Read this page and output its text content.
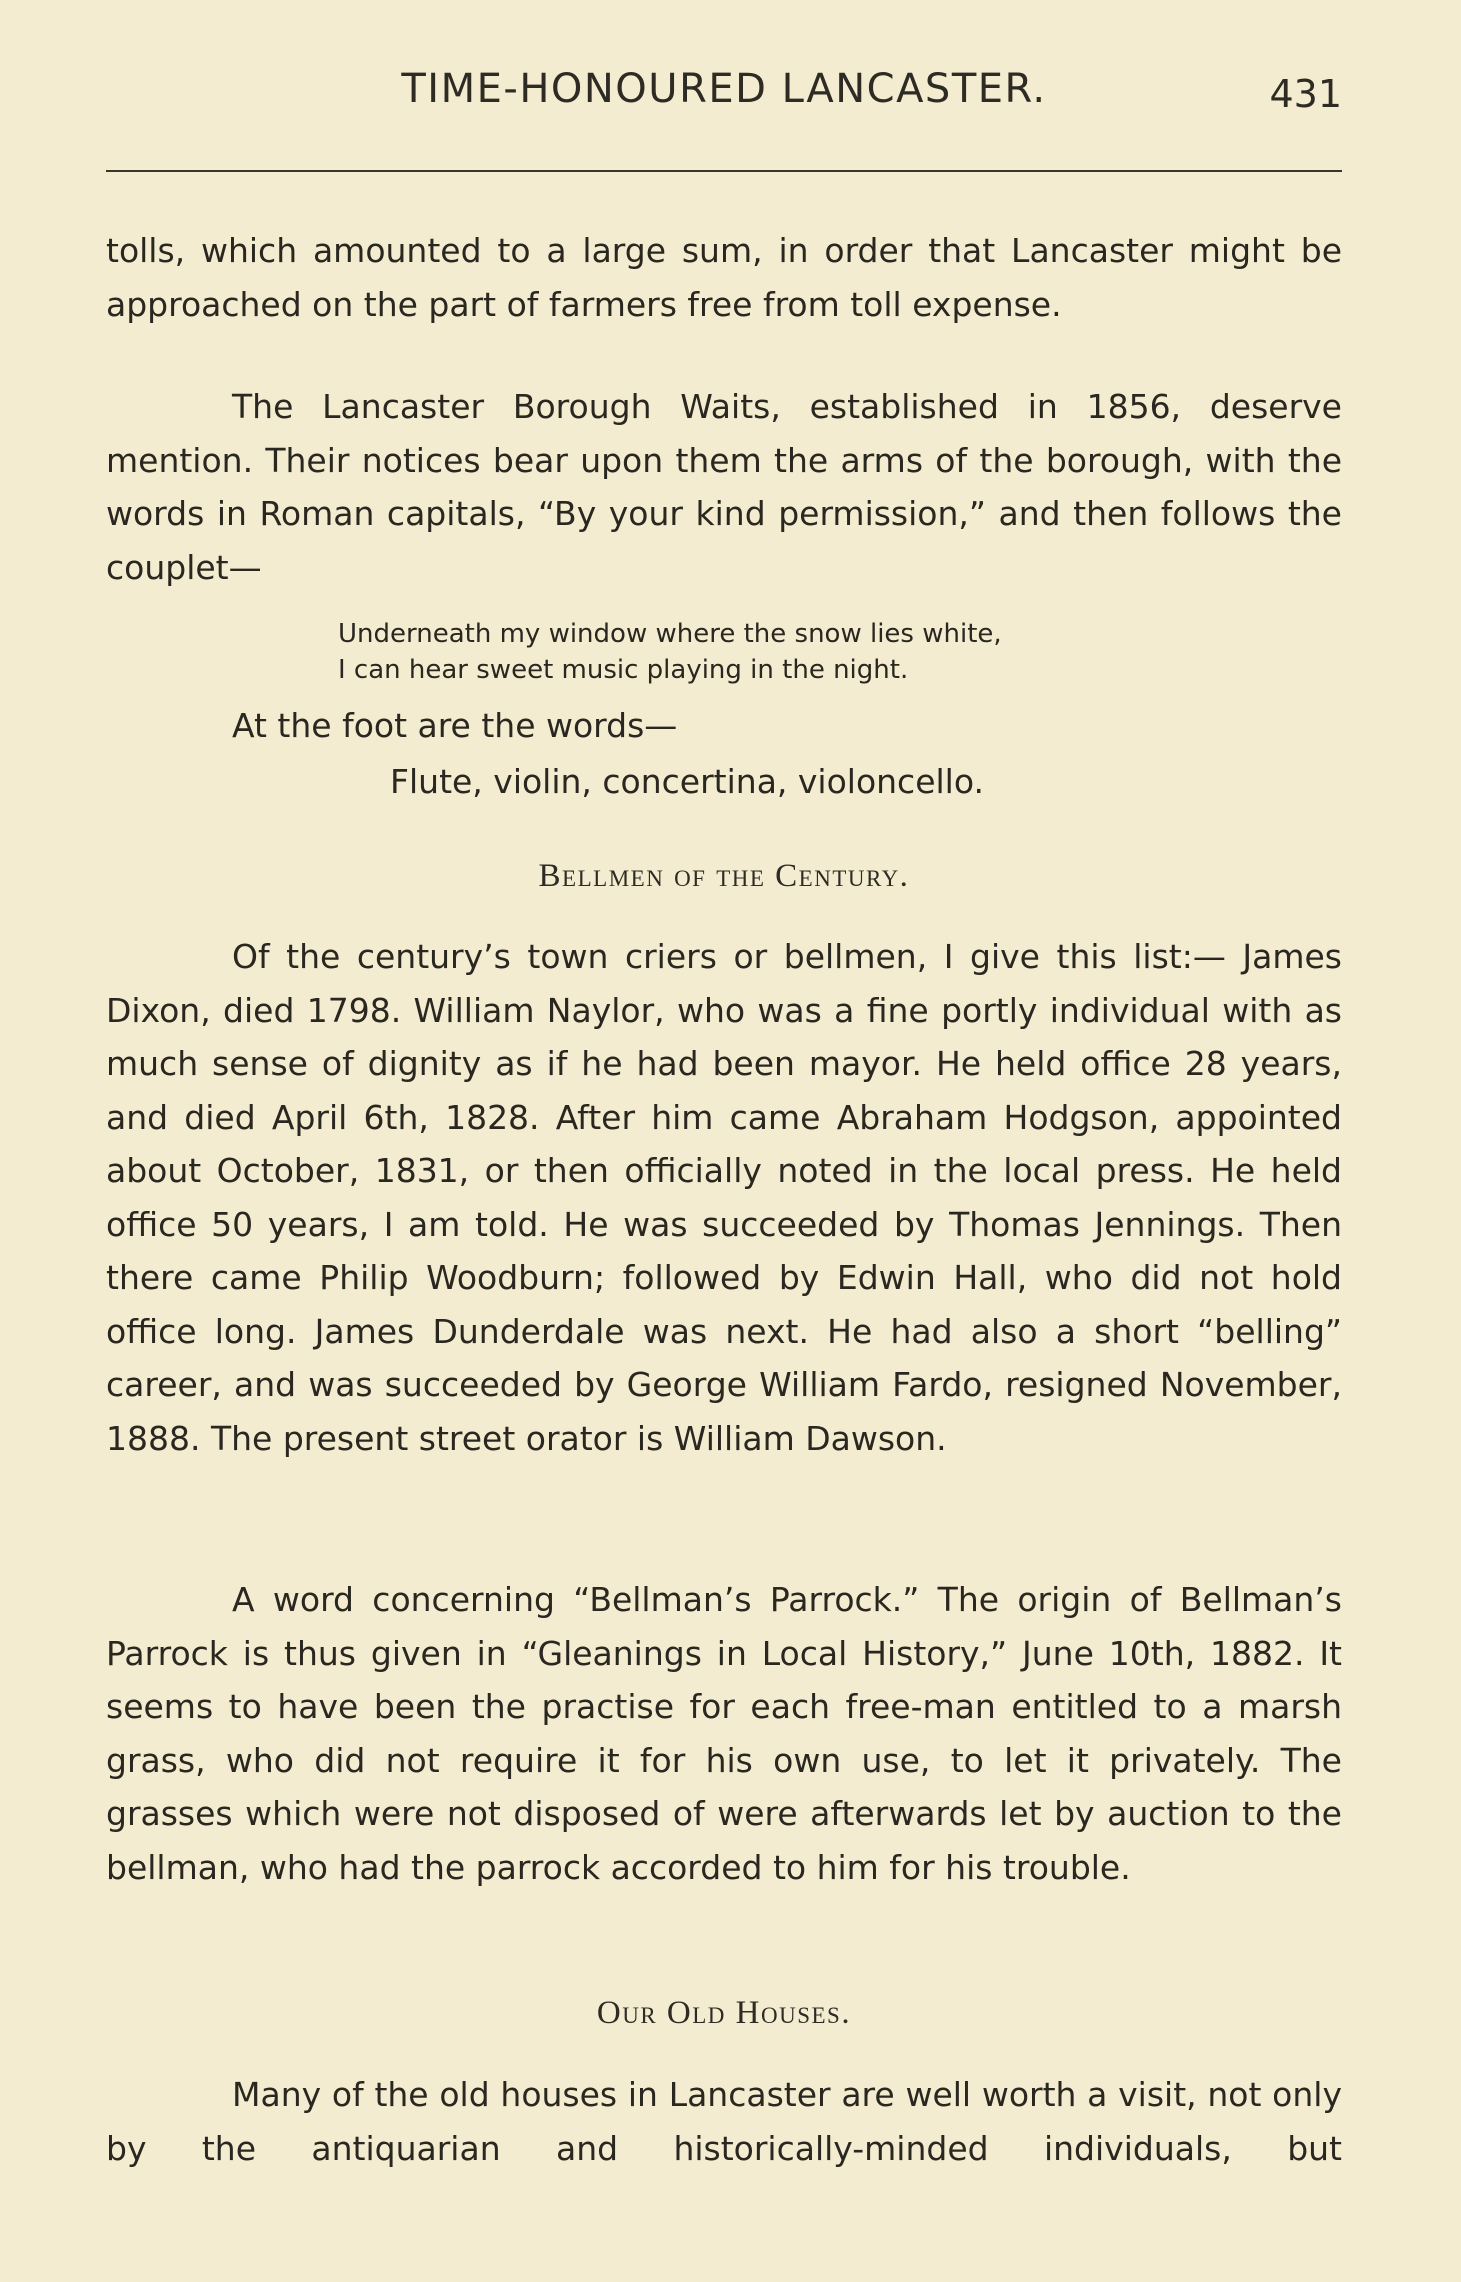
TIME-HONOURED LANCASTER.	431

tolls, which amounted to a large sum, in order that Lancaster might be approached on the part of farmers free from toll expense.

The Lancaster Borough Waits, established in 1856, deserve mention. Their notices bear upon them the arms of the borough, with the words in Roman capitals, “By your kind permission,” and then follows the couplet—

Underneath my window where the snow lies white,
I can hear sweet music playing in the night.
At the foot are the words—
Flute, violin, concertina, violoncello.
Bellmen of the Century.

Of the century’s town criers or bellmen, I give this list:— James Dixon, died 1798. William Naylor, who was a fine portly individual with as much sense of dignity as if he had been mayor. He held office 28 years, and died April 6th, 1828. After him came Abraham Hodgson, appointed about October, 1831, or then officially noted in the local press. He held office 50 years, I am told. He was succeeded by Thomas Jennings. Then there came Philip Woodburn; followed by Edwin Hall, who did not hold office long. James Dunderdale was next. He had also a short “belling” career, and was succeeded by George William Fardo, resigned November, 1888. The present street orator is William Dawson.

A word concerning “Bellman’s Parrock.” The origin of Bellman’s Parrock is thus given in “Gleanings in Local History,” June 10th, 1882. It seems to have been the practise for each free-man entitled to a marsh grass, who did not require it for his own use, to let it privately. The grasses which were not disposed of were afterwards let by auction to the bellman, who had the parrock accorded to him for his trouble.

Our Old Houses.

Many of the old houses in Lancaster are well worth a visit, not only by the antiquarian and historically-minded individuals, but
